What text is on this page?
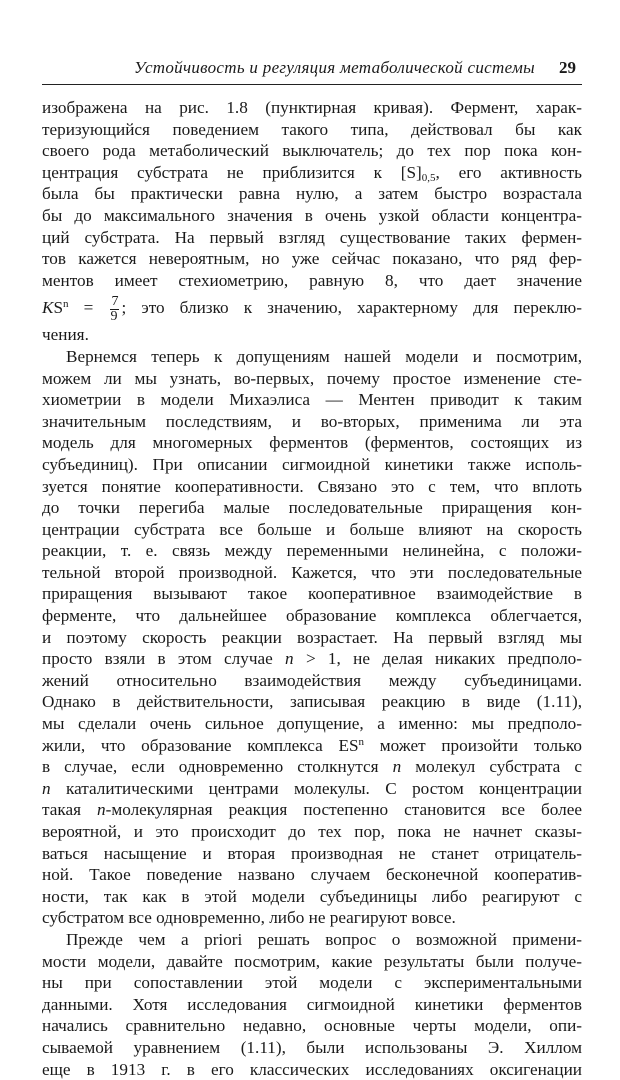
Устойчивость и регуляция метаболической системы 29
изображена на рис. 1.8 (пунктирная кривая). Фермент, харак-
теризующийся поведением такого типа, действовал бы как
своего рода метаболический выключатель; до тех пор пока кон-
центрация субстрата не приблизится к $[S]_{0,5}$, его активность
была бы практически равна нулю, а затем быстро возрастала
бы до максимального значения в очень узкой области концентра-
ций субстрата. На первый взгляд существование таких фермен-
тов кажется невероятным, но уже сейчас показано, что ряд фер-
ментов имеет стехиометрию, равную 8, что дает значение
$KS^n = \frac{7}{9}$ ; это близко к значению, характерному для переклю-
чения.
Вернемся теперь к допущениям нашей модели и посмотрим,
можем ли мы узнать, во-первых, почему простое изменение сте-
хиометрии в модели Михаэлиса — Ментен приводит к таким
значительным последствиям, и во-вторых, применима ли эта
модель для многомерных ферментов (ферментов, состоящих из
субъединиц). При описании сигмоидной кинетики также исполь-
зуется понятие кооперативности. Связано это с тем, что вплоть
до точки перегиба малые последовательные приращения кон-
центрации субстрата все больше и больше влияют на скорость
реакции, т. е. связь между переменными нелинейна, с положи-
тельной второй производной. Кажется, что эти последовательные
приращения вызывают такое кооперативное взаимодействие в
ферменте, что дальнейшее образование комплекса облегчается,
и поэтому скорость реакции возрастает. На первый взгляд мы
просто взяли в этом случае n > 1, не делая никаких предполо-
жений относительно взаимодействия между субъединицами.
Однако в действительности, записывая реакцию в виде (1.11),
мы сделали очень сильное допущение, а именно: мы предполо-
жили, что образование комплекса $ES^n$ может произойти только
в случае, если одновременно столкнутся n молекул субстрата с
n каталитическими центрами молекулы. С ростом концентрации
такая n-молекулярная реакция постепенно становится все более
вероятной, и это происходит до тех пор, пока не начнет сказы-
ваться насыщение и вторая производная не станет отрицатель-
ной. Такое поведение названо случаем бесконечной кооператив-
ности, так как в этой модели субъединицы либо реагируют с
субстратом все одновременно, либо не реагируют вовсе.
Прежде чем а priori решать вопрос о возможной примени-
мости модели, давайте посмотрим, какие результаты были получе-
ны при сопоставлении этой модели с экспериментальными
данными. Хотя исследования сигмоидной кинетики ферментов
начались сравнительно недавно, основные черты модели, опи-
сываемой уравнением (1.11), были использованы Э. Хиллом
еще в 1913 г. в его классических исследованиях оксигенации
